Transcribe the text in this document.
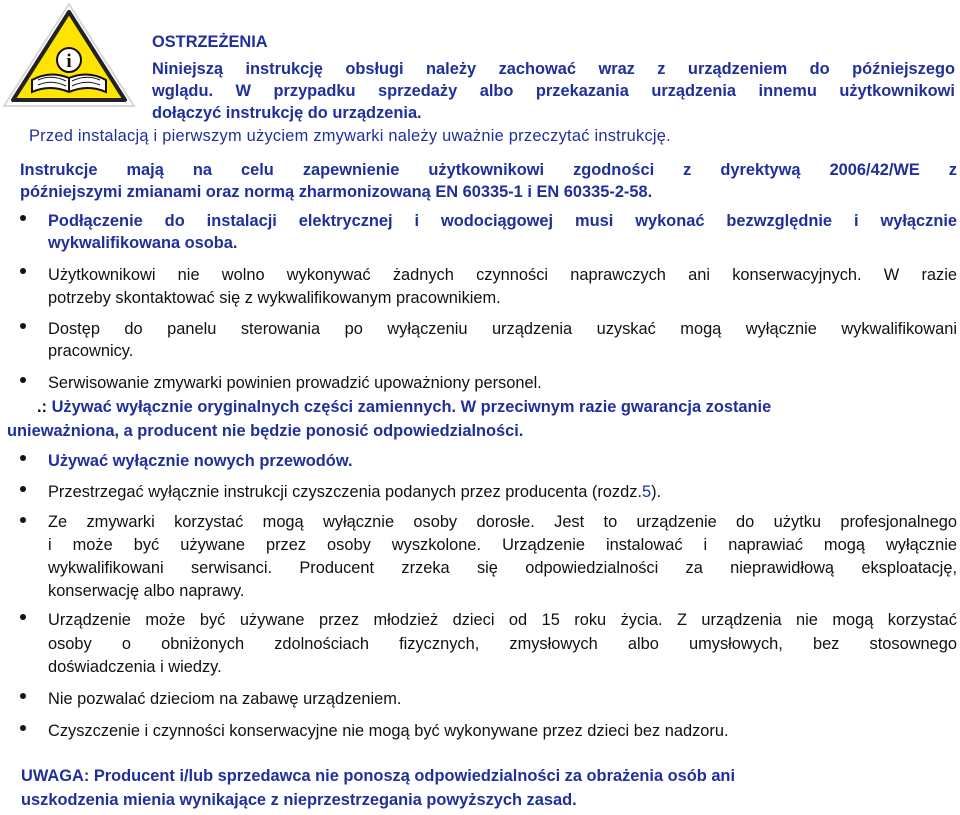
i
OSTRZEŻENIA
Niniejszą instrukcję obsługi należy zachować wraz z urządzeniem do późniejszego
wglądu. W przypadku sprzedaży albo przekazania urządzenia innemu użytkownikowi
dołączyć instrukcję do urządzenia.
Przed instalacją i pierwszym użyciem zmywarki należy uważnie przeczytać instrukcję.
Instrukcje mają na celu zapewnienie użytkownikowi zgodności z dyrektywą 2006/42/WE z
późniejszymi zmianami oraz normą zharmonizowaną EN 60335-1 i EN 60335-2-58.
Podłączenie do instalacji elektrycznej i wodociągowej musi wykonać bezwzględnie i wyłącznie
wykwalifikowana osoba.
Użytkownikowi nie wolno wykonywać żadnych czynności naprawczych ani konserwacyjnych. W razie
potrzeby skontaktować się z wykwalifikowanym pracownikiem.
Dostęp do panelu sterowania po wyłączeniu urządzenia uzyskać mogą wyłącznie wykwalifikowani
pracownicy.
Serwisowanie zmywarki powinien prowadzić upoważniony personel.
.: Używać wyłącznie oryginalnych części zamiennych. W przeciwnym razie gwarancja zostanie
unieważniona, a producent nie będzie ponosić odpowiedzialności.
Używać wyłącznie nowych przewodów.
Przestrzegać wyłącznie instrukcji czyszczenia podanych przez producenta (rozdz.5).
Ze zmywarki korzystać mogą wyłącznie osoby dorosłe. Jest to urządzenie do użytku profesjonalnego
i może być używane przez osoby wyszkolone. Urządzenie instalować i naprawiać mogą wyłącznie
wykwalifikowani serwisanci. Producent zrzeka się odpowiedzialności za nieprawidłową eksploatację,
konserwację albo naprawy.
Urządzenie może być używane przez młodzież dzieci od 15 roku życia. Z urządzenia nie mogą korzystać
osoby o obniżonych zdolnościach fizycznych, zmysłowych albo umysłowych, bez stosownego
doświadczenia i wiedzy.
Nie pozwalać dzieciom na zabawę urządzeniem.
Czyszczenie i czynności konserwacyjne nie mogą być wykonywane przez dzieci bez nadzoru.
UWAGA: Producent i/lub sprzedawca nie ponoszą odpowiedzialności za obrażenia osób ani
uszkodzenia mienia wynikające z nieprzestrzegania powyższych zasad.
